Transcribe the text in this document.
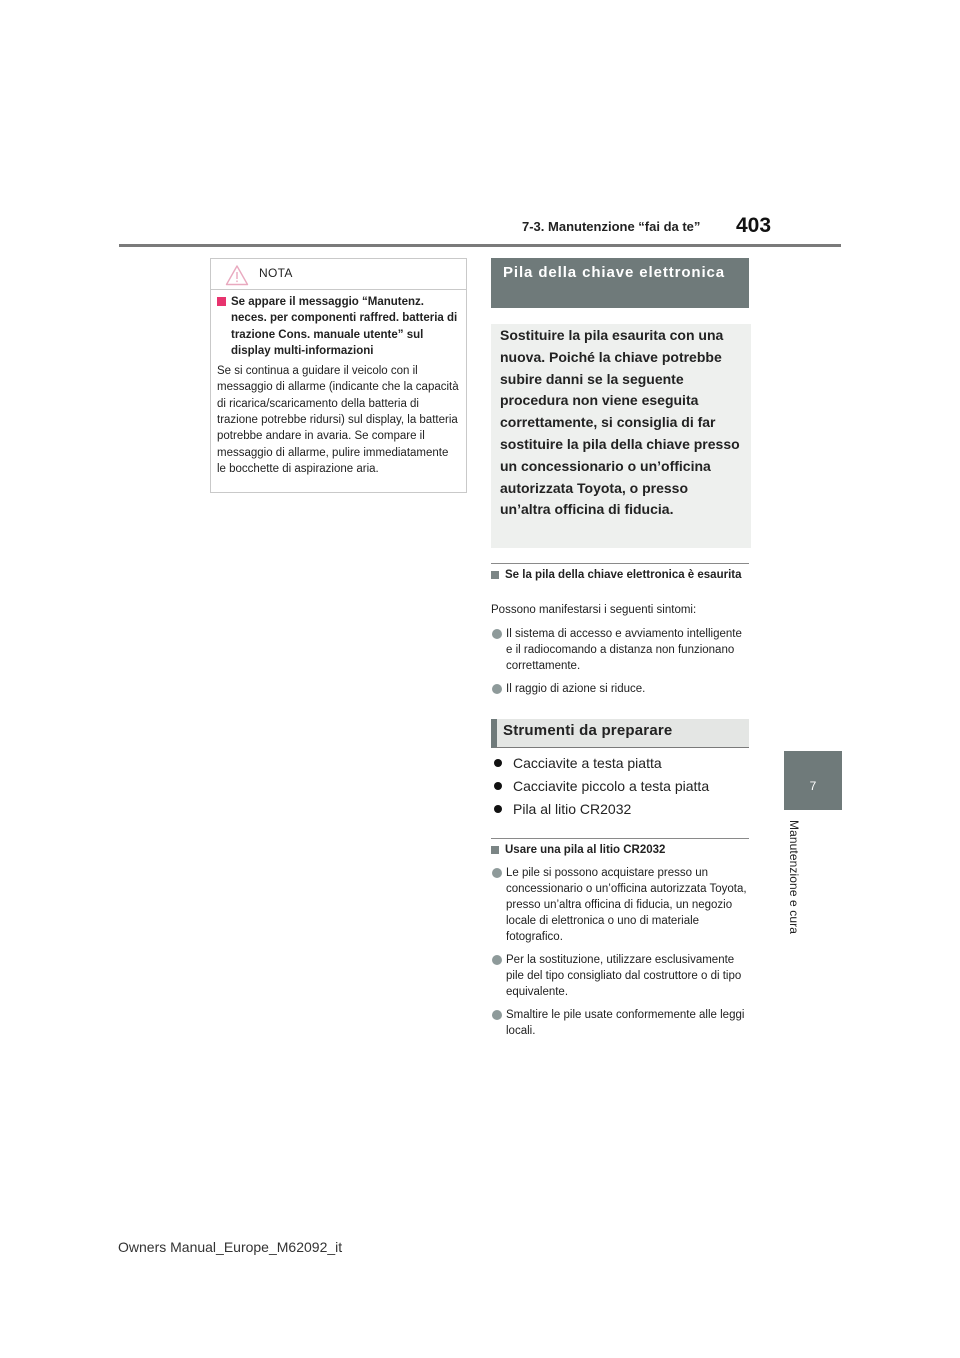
7-3. Manutenzione “fai da te” 403
7
Manutenzione e cura
NOTA
Se appare il messaggio “Manutenz. neces. per componenti raffred. batteria di trazione Cons. manuale utente” sul display multi-informazioni
Se si continua a guidare il veicolo con il messaggio di allarme (indicante che la capacità di ricarica/scaricamento della batteria di trazione potrebbe ridursi) sul display, la batteria potrebbe andare in avaria. Se compare il messaggio di allarme, pulire immediatamente le bocchette di aspirazione aria.
Pila della chiave elettronica
Sostituire la pila esaurita con una nuova. Poiché la chiave potrebbe subire danni se la seguente procedura non viene eseguita correttamente, si consiglia di far sostituire la pila della chiave presso un concessionario o un’officina autorizzata Toyota, o presso un’altra officina di fiducia.
Se la pila della chiave elettronica è esaurita
Possono manifestarsi i seguenti sintomi:
Il sistema di accesso e avviamento intelligente e il radiocomando a distanza non funzionano correttamente.
Il raggio di azione si riduce.
Strumenti da preparare
Cacciavite a testa piatta
Cacciavite piccolo a testa piatta
Pila al litio CR2032
Usare una pila al litio CR2032
Le pile si possono acquistare presso un concessionario o un’officina autorizzata Toyota, presso un’altra officina di fiducia, un negozio locale di elettronica o uno di materiale fotografico.
Per la sostituzione, utilizzare esclusivamente pile del tipo consigliato dal costruttore o di tipo equivalente.
Smaltire le pile usate conformemente alle leggi locali.
Owners Manual_Europe_M62092_it
